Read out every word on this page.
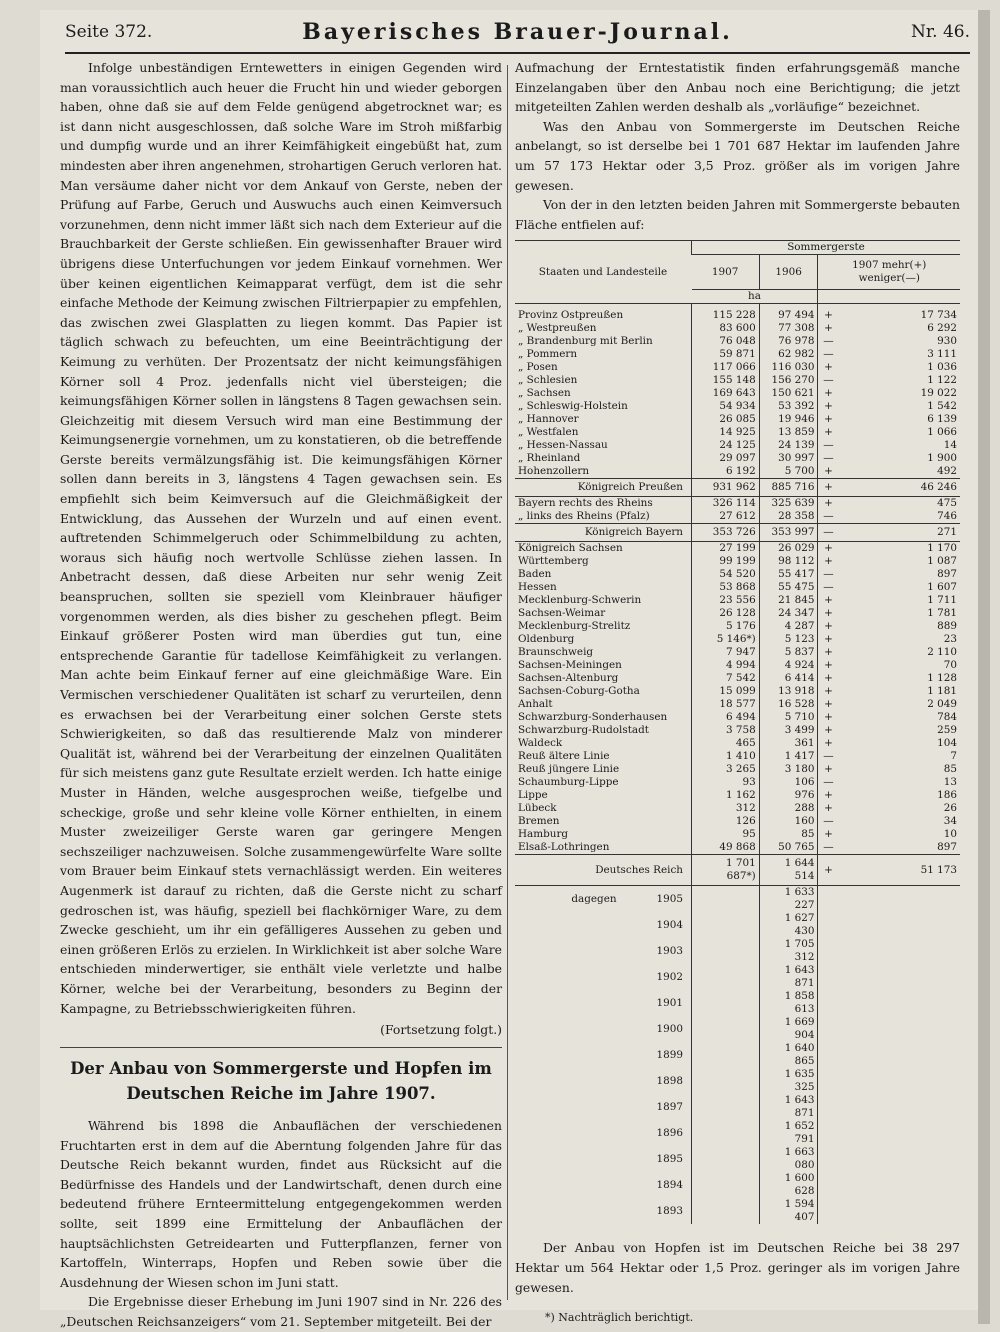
Seite 372.	Bayerisches Brauer-Journal.	Nr. 46.

Infolge unbeständigen Erntewetters in einigen Gegenden wird man voraussichtlich auch heuer die Frucht hin und wieder geborgen haben, ohne daß sie auf dem Felde genügend abgetrocknet war; es ist dann nicht ausgeschlossen, daß solche Ware im Stroh mißfarbig und dumpfig wurde und an ihrer Keimfähigkeit eingebüßt hat, zum mindesten aber ihren angenehmen, strohartigen Geruch verloren hat. Man versäume daher nicht vor dem Ankauf von Gerste, neben der Prüfung auf Farbe, Geruch und Auswuchs auch einen Keimversuch vorzunehmen, denn nicht immer läßt sich nach dem Exterieur auf die Brauchbarkeit der Gerste schließen. Ein gewissenhafter Brauer wird übrigens diese Unterfuchungen vor jedem Einkauf vornehmen. Wer über keinen eigentlichen Keimapparat verfügt, dem ist die sehr einfache Methode der Keimung zwischen Filtrierpapier zu empfehlen, das zwischen zwei Glasplatten zu liegen kommt. Das Papier ist täglich schwach zu befeuchten, um eine Beeinträchtigung der Keimung zu verhüten. Der Prozentsatz der nicht keimungsfähigen Körner soll 4 Proz. jedenfalls nicht viel übersteigen; die keimungsfähigen Körner sollen in längstens 8 Tagen gewachsen sein. Gleichzeitig mit diesem Versuch wird man eine Bestimmung der Keimungsenergie vornehmen, um zu konstatieren, ob die betreffende Gerste bereits vermälzungsfähig ist. Die keimungsfähigen Körner sollen dann bereits in 3, längstens 4 Tagen gewachsen sein. Es empfiehlt sich beim Keimversuch auf die Gleichmäßigkeit der Entwicklung, das Aussehen der Wurzeln und auf einen event. auftretenden Schimmelgeruch oder Schimmelbildung zu achten, woraus sich häufig noch wertvolle Schlüsse ziehen lassen. In Anbetracht dessen, daß diese Arbeiten nur sehr wenig Zeit beanspruchen, sollten sie speziell vom Kleinbrauer häufiger vorgenommen werden, als dies bisher zu geschehen pflegt. Beim Einkauf größerer Posten wird man überdies gut tun, eine entsprechende Garantie für tadellose Keimfähigkeit zu verlangen. Man achte beim Einkauf ferner auf eine gleichmäßige Ware. Ein Vermischen verschiedener Qualitäten ist scharf zu verurteilen, denn es erwachsen bei der Verarbeitung einer solchen Gerste stets Schwierigkeiten, so daß das resultierende Malz von minderer Qualität ist, während bei der Verarbeitung der einzelnen Qualitäten für sich meistens ganz gute Resultate erzielt werden. Ich hatte einige Muster in Händen, welche ausgesprochen weiße, tiefgelbe und scheckige, große und sehr kleine volle Körner enthielten, in einem Muster zweizeiliger Gerste waren gar geringere Mengen sechszeiliger nachzuweisen. Solche zusammengewürfelte Ware sollte vom Brauer beim Einkauf stets vernachlässigt werden. Ein weiteres Augenmerk ist darauf zu richten, daß die Gerste nicht zu scharf gedroschen ist, was häufig, speziell bei flachkörniger Ware, zu dem Zwecke geschieht, um ihr ein gefälligeres Aussehen zu geben und einen größeren Erlös zu erzielen. In Wirklichkeit ist aber solche Ware entschieden minderwertiger, sie enthält viele verletzte und halbe Körner, welche bei der Verarbeitung, besonders zu Beginn der Kampagne, zu Betriebsschwierigkeiten führen.

(Fortsetzung folgt.)

Der Anbau von Sommergerste und Hopfen im Deutschen Reiche im Jahre 1907.

Während bis 1898 die Anbauflächen der verschiedenen Fruchtarten erst in dem auf die Aberntung folgenden Jahre für das Deutsche Reich bekannt wurden, findet aus Rücksicht auf die Bedürfnisse des Handels und der Landwirtschaft, denen durch eine bedeutend frühere Ernteermittelung entgegengekommen werden sollte, seit 1899 eine Ermittelung der Anbauflächen der hauptsächlichsten Getreidearten und Futterpflanzen, ferner von Kartoffeln, Winterraps, Hopfen und Reben sowie über die Ausdehnung der Wiesen schon im Juni statt.

Die Ergebnisse dieser Erhebung im Juni 1907 sind in Nr. 226 des „Deutschen Reichsanzeigers“ vom 21. September mitgeteilt. Bei der

Aufmachung der Erntestatistik finden erfahrungsgemäß manche Einzelangaben über den Anbau noch eine Berichtigung; die jetzt mitgeteilten Zahlen werden deshalb als „vorläufige“ bezeichnet.

Was den Anbau von Sommergerste im Deutschen Reiche anbelangt, so ist derselbe bei 1 701 687 Hektar im laufenden Jahre um 57 173 Hektar oder 3,5 Proz. größer als im vorigen Jahre gewesen.

Von der in den letzten beiden Jahren mit Sommergerste bebauten Fläche entfielen auf:

Staaten und Landesteile	Sommergerste			
	1907	1906	1907 mehr(+) weniger(—)	
	ha			

Provinz Ostpreußen	115 228	97 494	+	17 734
„ Westpreußen	83 600	77 308	+	6 292
„ Brandenburg mit Berlin	76 048	76 978	—	930
„ Pommern	59 871	62 982	—	3 111
„ Posen	117 066	116 030	+	1 036
„ Schlesien	155 148	156 270	—	1 122
„ Sachsen	169 643	150 621	+	19 022
„ Schleswig-Holstein	54 934	53 392	+	1 542
„ Hannover	26 085	19 946	+	6 139
„ Westfalen	14 925	13 859	+	1 066
„ Hessen-Nassau	24 125	24 139	—	14
„ Rheinland	29 097	30 997	—	1 900
Hohenzollern	6 192	5 700	+	492
Königreich Preußen	931 962	885 716	+	46 246
Bayern rechts des Rheins	326 114	325 639	+	475
„ links des Rheins (Pfalz)	27 612	28 358	—	746
Königreich Bayern	353 726	353 997	—	271
Königreich Sachsen	27 199	26 029	+	1 170
Württemberg	99 199	98 112	+	1 087
Baden	54 520	55 417	—	897
Hessen	53 868	55 475	—	1 607
Mecklenburg-Schwerin	23 556	21 845	+	1 711
Sachsen-Weimar	26 128	24 347	+	1 781
Mecklenburg-Strelitz	5 176	4 287	+	889
Oldenburg	5 146*)	5 123	+	23
Braunschweig	7 947	5 837	+	2 110
Sachsen-Meiningen	4 994	4 924	+	70
Sachsen-Altenburg	7 542	6 414	+	1 128
Sachsen-Coburg-Gotha	15 099	13 918	+	1 181
Anhalt	18 577	16 528	+	2 049
Schwarzburg-Sonderhausen	6 494	5 710	+	784
Schwarzburg-Rudolstadt	3 758	3 499	+	259
Waldeck	465	361	+	104
Reuß ältere Linie	1 410	1 417	—	7
Reuß jüngere Linie	3 265	3 180	+	85
Schaumburg-Lippe	93	106	—	13
Lippe	1 162	976	+	186
Lübeck	312	288	+	26
Bremen	126	160	—	34
Hamburg	95	85	+	10
Elsaß-Lothringen	49 868	50 765	—	897
Deutsches Reich	1 701 687*)	1 644 514	+	51 173
dagegen 1905		1 633 227		
1904		1 627 430		
1903		1 705 312		
1902		1 643 871		
1901		1 858 613		
1900		1 669 904		
1899		1 640 865		
1898		1 635 325		
1897		1 643 871		
1896		1 652 791		
1895		1 663 080		
1894		1 600 628		
1893		1 594 407		

Der Anbau von Hopfen ist im Deutschen Reiche bei 38 297 Hektar um 564 Hektar oder 1,5 Proz. geringer als im vorigen Jahre gewesen.

*) Nachträglich berichtigt.
